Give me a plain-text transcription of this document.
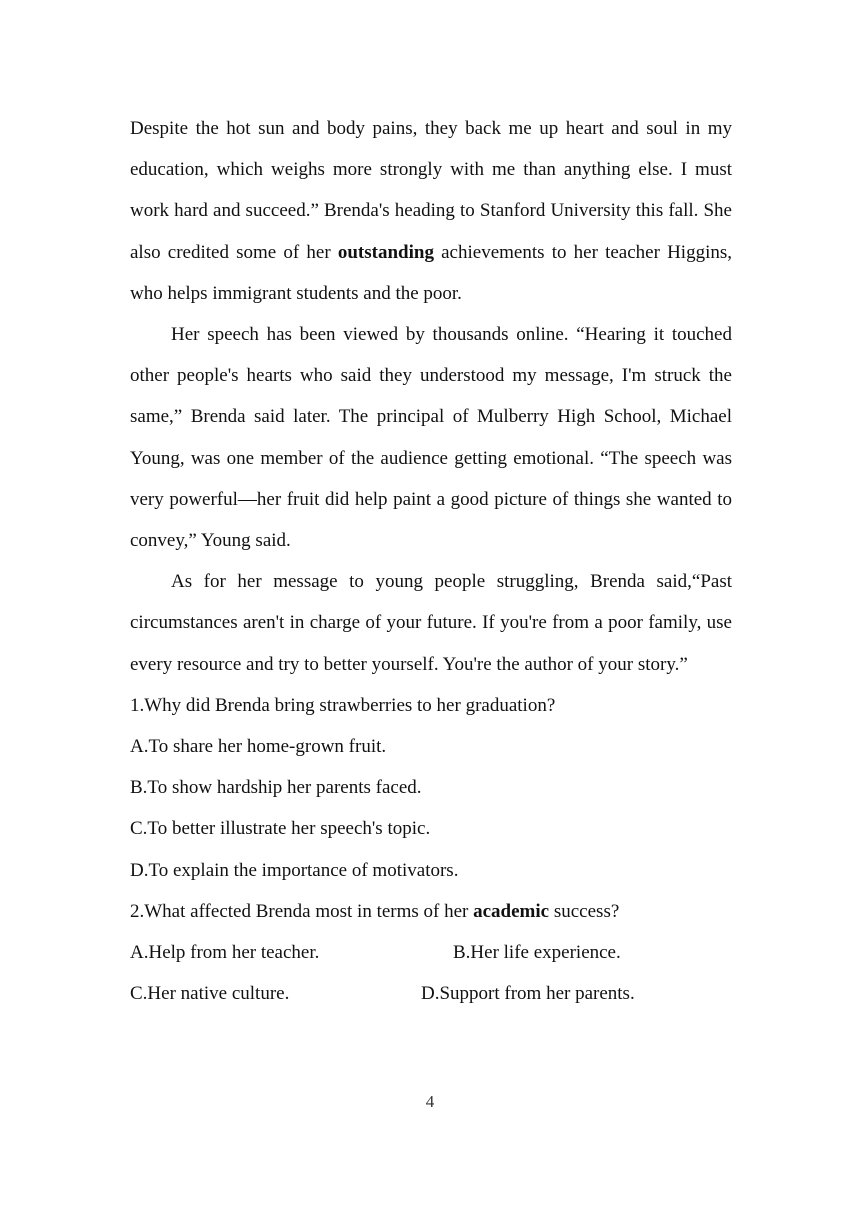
Despite the hot sun and body pains, they back me up heart and soul in my education, which weighs more strongly with me than anything else. I must work hard and succeed.” Brenda's heading to Stanford University this fall. She also credited some of her outstanding achievements to her teacher Higgins, who helps immigrant students and the poor.

Her speech has been viewed by thousands online. “Hearing it touched other people's hearts who said they understood my message, I'm struck the same,” Brenda said later. The principal of Mulberry High School, Michael Young, was one member of the audience getting emotional. “The speech was very powerful—her fruit did help paint a good picture of things she wanted to convey,” Young said.

As for her message to young people struggling, Brenda said,“Past circumstances aren't in charge of your future. If you're from a poor family, use every resource and try to better yourself. You're the author of your story.”

1.Why did Brenda bring strawberries to her graduation?

A.To share her home-grown fruit.

B.To show hardship her parents faced.

C.To better illustrate her speech's topic.

D.To explain the importance of motivators.

2.What affected Brenda most in terms of her academic success?

A.Help from her teacher.	B.Her life experience.
C.Her native culture.	D.Support from her parents.
4
